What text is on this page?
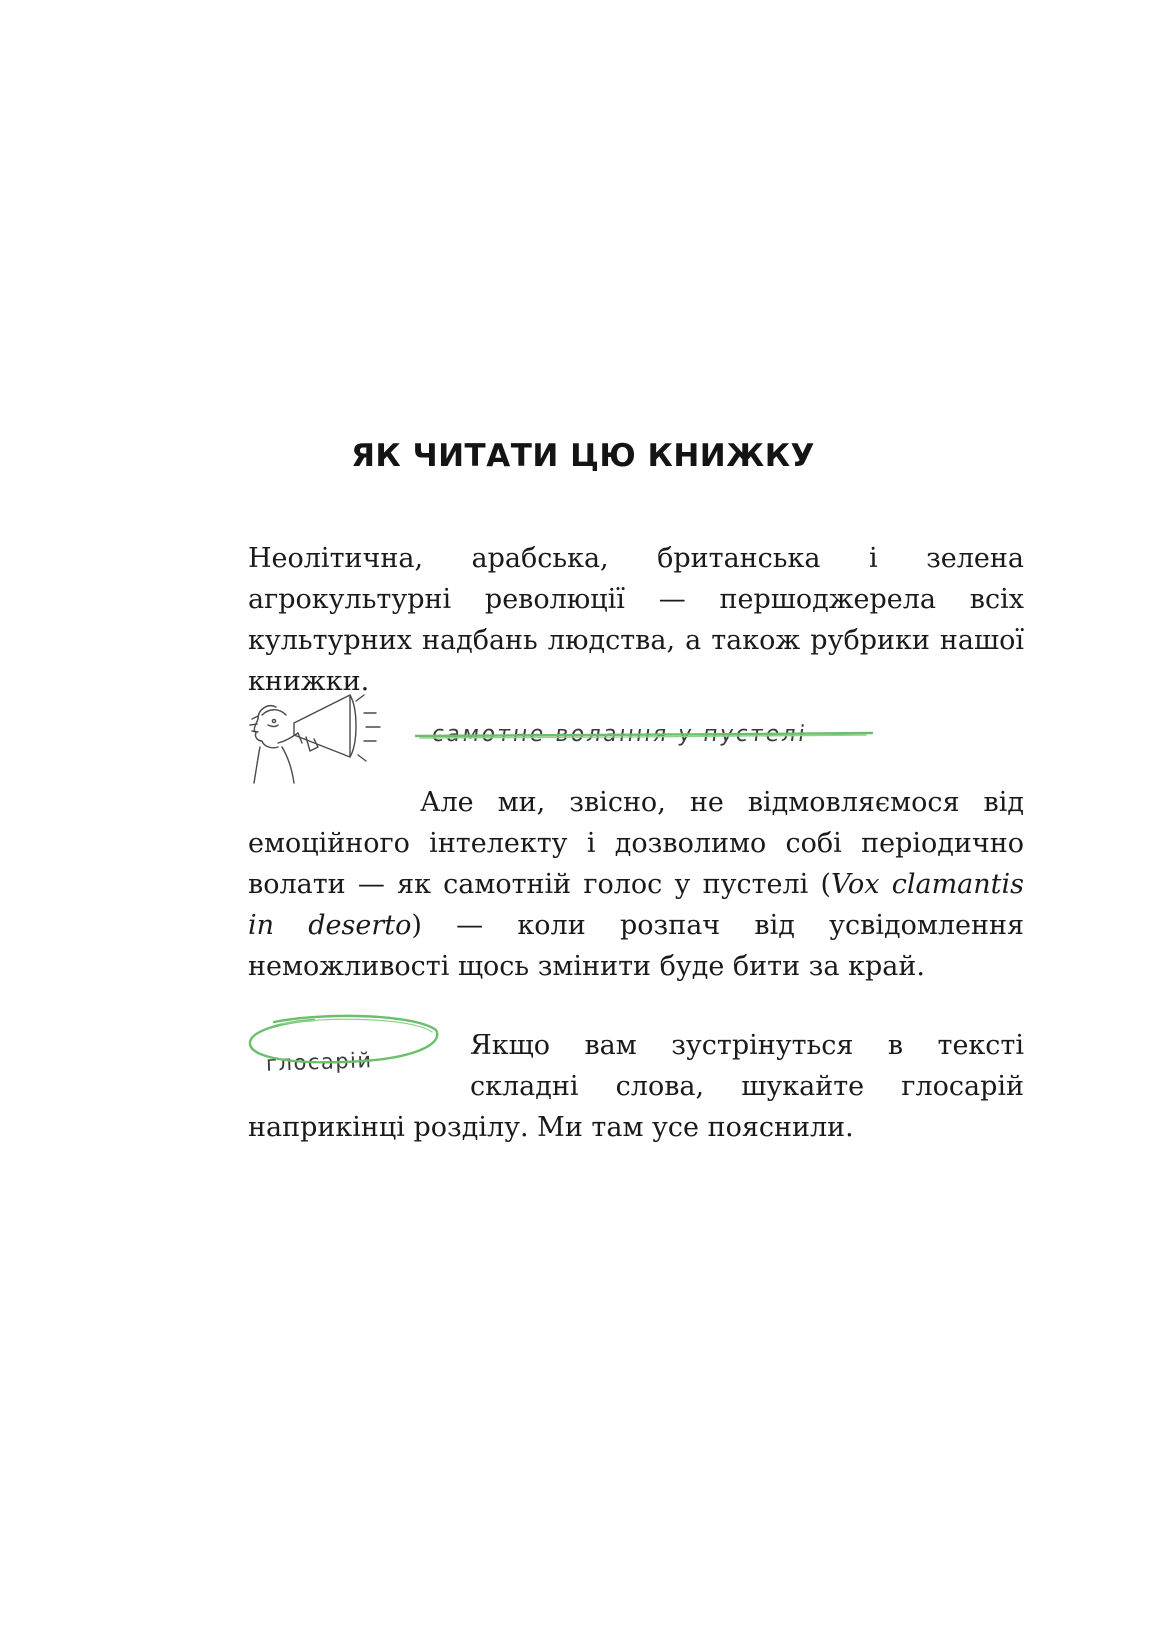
ЯК ЧИТАТИ ЦЮ КНИЖКУ

Неолітична, арабська, британська і зелена агрокультурні революції — першоджерела всіх культурних надбань людства, а також рубрики нашої книжки.

самотне волання у пустелі

Але ми, звісно, не відмовляємося від емоційного інтелекту і дозволимо собі періодично волати — як самотній голос у пустелі (Vox clamantis in deserto) — коли розпач від усвідомлення неможливості щось змінити буде бити за край.

глосарій

Якщо вам зустрінуться в тексті складні слова, шукайте глосарій наприкінці розділу. Ми там усе пояснили.
